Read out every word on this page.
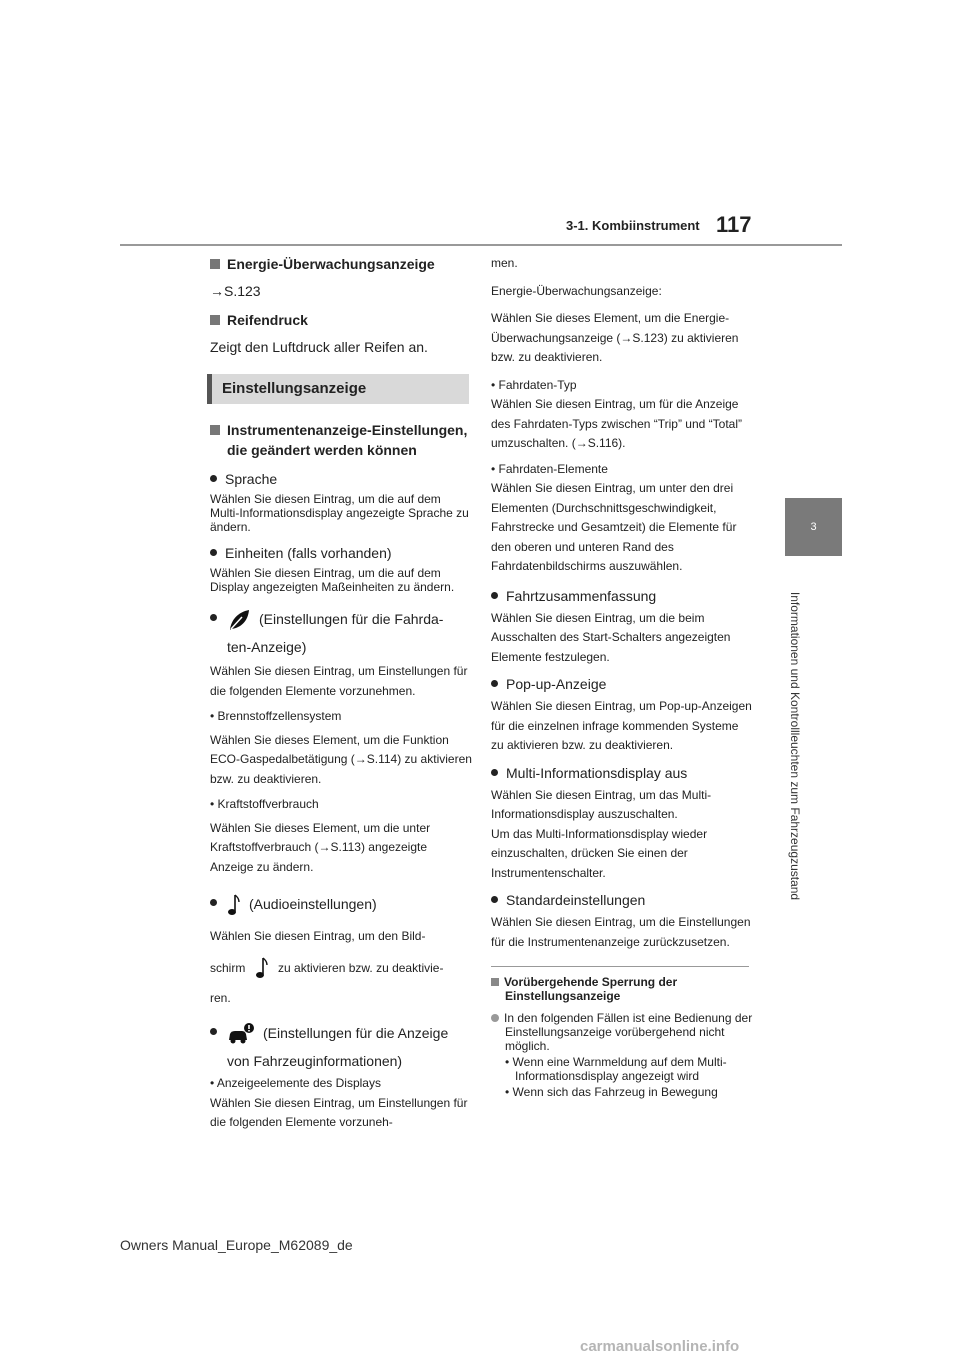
3-1. Kombiinstrument 117
3
Informationen und Kontrollleuchten zum Fahrzeugzustand
Energie-Überwachungsanzeige
→S.123
Reifendruck
Zeigt den Luftdruck aller Reifen an.
Einstellungsanzeige
Instrumentenanzeige-Einstellungen, die geändert werden können
Sprache
Wählen Sie diesen Eintrag, um die auf dem Multi-Informationsdisplay angezeigte Sprache zu ändern.
Einheiten (falls vorhanden)
Wählen Sie diesen Eintrag, um die auf dem Display angezeigten Maßeinheiten zu ändern.
(Einstellungen für die Fahrda-
ten-Anzeige)
Wählen Sie diesen Eintrag, um Einstellungen für die folgenden Elemente vorzunehmen.
• Brennstoffzellensystem
Wählen Sie dieses Element, um die Funktion ECO-Gaspedalbetätigung (→S.114) zu aktivieren bzw. zu deaktivieren.
• Kraftstoffverbrauch
Wählen Sie dieses Element, um die unter Kraftstoffverbrauch (→S.113) angezeigte Anzeige zu ändern.
(Audioeinstellungen)
Wählen Sie diesen Eintrag, um den Bild-
schirm	zu aktivieren bzw. zu deaktivie-
ren.
(Einstellungen für die Anzeige
von Fahrzeuginformationen)
• Anzeigeelemente des Displays
Wählen Sie diesen Eintrag, um Einstellungen für die folgenden Elemente vorzuneh-
men.
Energie-Überwachungsanzeige:
Wählen Sie dieses Element, um die Energie-Überwachungsanzeige (→S.123) zu aktivieren bzw. zu deaktivieren.
• Fahrdaten-Typ
Wählen Sie diesen Eintrag, um für die Anzeige des Fahrdaten-Typs zwischen “Trip” und “Total” umzuschalten. (→S.116).
• Fahrdaten-Elemente
Wählen Sie diesen Eintrag, um unter den drei Elementen (Durchschnittsgeschwindigkeit, Fahrstrecke und Gesamtzeit) die Elemente für den oberen und unteren Rand des Fahrdatenbildschirms auszuwählen.
Fahrtzusammenfassung
Wählen Sie diesen Eintrag, um die beim Ausschalten des Start-Schalters angezeigten Elemente festzulegen.
Pop-up-Anzeige
Wählen Sie diesen Eintrag, um Pop-up-Anzeigen für die einzelnen infrage kommenden Systeme zu aktivieren bzw. zu deaktivieren.
Multi-Informationsdisplay aus
Wählen Sie diesen Eintrag, um das Multi-Informationsdisplay auszuschalten.
Um das Multi-Informationsdisplay wieder einzuschalten, drücken Sie einen der Instrumentenschalter.
Standardeinstellungen
Wählen Sie diesen Eintrag, um die Einstellungen für die Instrumentenanzeige zurückzusetzen.
Vorübergehende Sperrung der Einstellungsanzeige
In den folgenden Fällen ist eine Bedienung der Einstellungsanzeige vorübergehend nicht möglich.
• Wenn eine Warnmeldung auf dem Multi-Informationsdisplay angezeigt wird
• Wenn sich das Fahrzeug in Bewegung
Owners Manual_Europe_M62089_de
carmanualsonline.info
